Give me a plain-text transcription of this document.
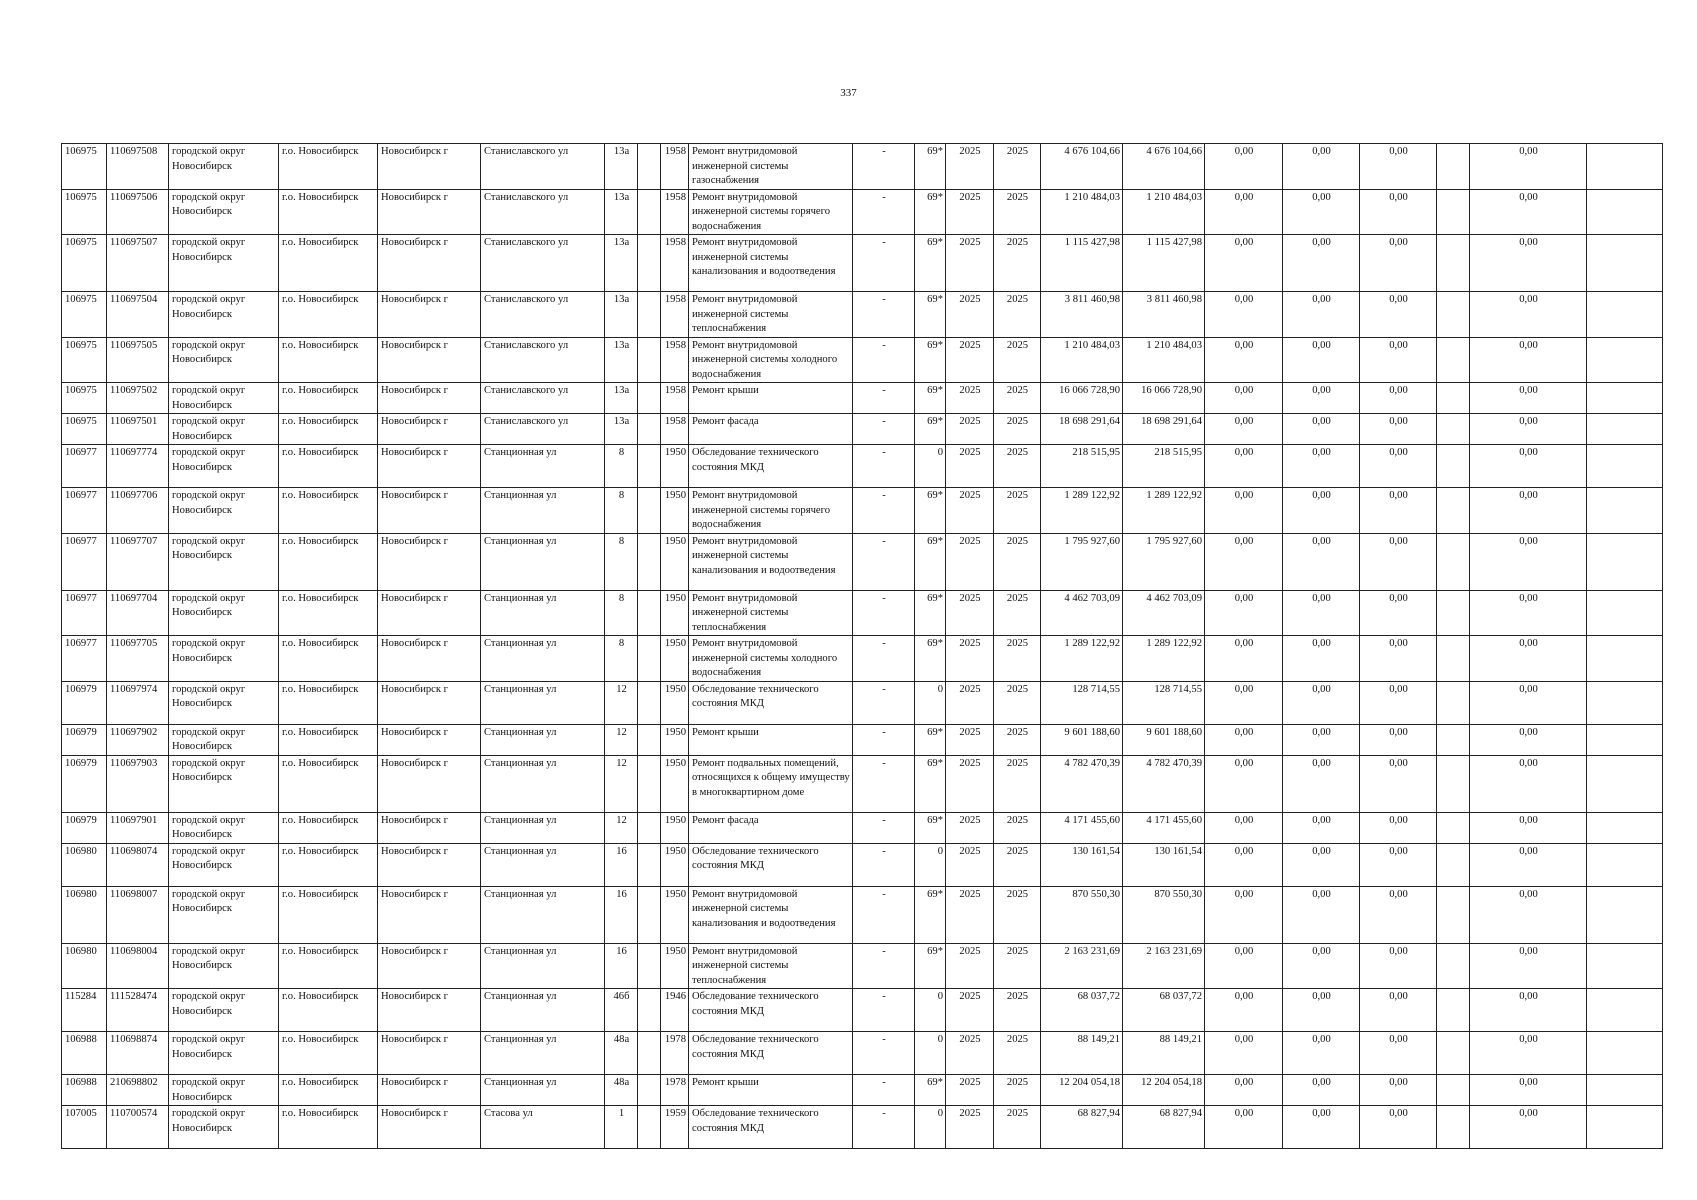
337
106975	110697508	городской округ Новосибирск	г.о. Новосибирск	Новосибирск г	Станиславского ул	13а		1958	Ремонт внутридомовой инженерной системы газоснабжения	-	69*	2025	2025	4 676 104,66	4 676 104,66	0,00	0,00	0,00		0,00	
106975	110697506	городской округ Новосибирск	г.о. Новосибирск	Новосибирск г	Станиславского ул	13а		1958	Ремонт внутридомовой инженерной системы горячего водоснабжения	-	69*	2025	2025	1 210 484,03	1 210 484,03	0,00	0,00	0,00		0,00	
106975	110697507	городской округ Новосибирск	г.о. Новосибирск	Новосибирск г	Станиславского ул	13а		1958	Ремонт внутридомовой инженерной системы канализования и водоотведения	-	69*	2025	2025	1 115 427,98	1 115 427,98	0,00	0,00	0,00		0,00	
106975	110697504	городской округ Новосибирск	г.о. Новосибирск	Новосибирск г	Станиславского ул	13а		1958	Ремонт внутридомовой инженерной системы теплоснабжения	-	69*	2025	2025	3 811 460,98	3 811 460,98	0,00	0,00	0,00		0,00	
106975	110697505	городской округ Новосибирск	г.о. Новосибирск	Новосибирск г	Станиславского ул	13а		1958	Ремонт внутридомовой инженерной системы холодного водоснабжения	-	69*	2025	2025	1 210 484,03	1 210 484,03	0,00	0,00	0,00		0,00	
106975	110697502	городской округ Новосибирск	г.о. Новосибирск	Новосибирск г	Станиславского ул	13а		1958	Ремонт крыши	-	69*	2025	2025	16 066 728,90	16 066 728,90	0,00	0,00	0,00		0,00	
106975	110697501	городской округ Новосибирск	г.о. Новосибирск	Новосибирск г	Станиславского ул	13а		1958	Ремонт фасада	-	69*	2025	2025	18 698 291,64	18 698 291,64	0,00	0,00	0,00		0,00	
106977	110697774	городской округ Новосибирск	г.о. Новосибирск	Новосибирск г	Станционная ул	8		1950	Обследование технического состояния МКД	-	0	2025	2025	218 515,95	218 515,95	0,00	0,00	0,00		0,00	
106977	110697706	городской округ Новосибирск	г.о. Новосибирск	Новосибирск г	Станционная ул	8		1950	Ремонт внутридомовой инженерной системы горячего водоснабжения	-	69*	2025	2025	1 289 122,92	1 289 122,92	0,00	0,00	0,00		0,00	
106977	110697707	городской округ Новосибирск	г.о. Новосибирск	Новосибирск г	Станционная ул	8		1950	Ремонт внутридомовой инженерной системы канализования и водоотведения	-	69*	2025	2025	1 795 927,60	1 795 927,60	0,00	0,00	0,00		0,00	
106977	110697704	городской округ Новосибирск	г.о. Новосибирск	Новосибирск г	Станционная ул	8		1950	Ремонт внутридомовой инженерной системы теплоснабжения	-	69*	2025	2025	4 462 703,09	4 462 703,09	0,00	0,00	0,00		0,00	
106977	110697705	городской округ Новосибирск	г.о. Новосибирск	Новосибирск г	Станционная ул	8		1950	Ремонт внутридомовой инженерной системы холодного водоснабжения	-	69*	2025	2025	1 289 122,92	1 289 122,92	0,00	0,00	0,00		0,00	
106979	110697974	городской округ Новосибирск	г.о. Новосибирск	Новосибирск г	Станционная ул	12		1950	Обследование технического состояния МКД	-	0	2025	2025	128 714,55	128 714,55	0,00	0,00	0,00		0,00	
106979	110697902	городской округ Новосибирск	г.о. Новосибирск	Новосибирск г	Станционная ул	12		1950	Ремонт крыши	-	69*	2025	2025	9 601 188,60	9 601 188,60	0,00	0,00	0,00		0,00	
106979	110697903	городской округ Новосибирск	г.о. Новосибирск	Новосибирск г	Станционная ул	12		1950	Ремонт подвальных помещений, относящихся к общему имуществу в многоквартирном доме	-	69*	2025	2025	4 782 470,39	4 782 470,39	0,00	0,00	0,00		0,00	
106979	110697901	городской округ Новосибирск	г.о. Новосибирск	Новосибирск г	Станционная ул	12		1950	Ремонт фасада	-	69*	2025	2025	4 171 455,60	4 171 455,60	0,00	0,00	0,00		0,00	
106980	110698074	городской округ Новосибирск	г.о. Новосибирск	Новосибирск г	Станционная ул	16		1950	Обследование технического состояния МКД	-	0	2025	2025	130 161,54	130 161,54	0,00	0,00	0,00		0,00	
106980	110698007	городской округ Новосибирск	г.о. Новосибирск	Новосибирск г	Станционная ул	16		1950	Ремонт внутридомовой инженерной системы канализования и водоотведения	-	69*	2025	2025	870 550,30	870 550,30	0,00	0,00	0,00		0,00	
106980	110698004	городской округ Новосибирск	г.о. Новосибирск	Новосибирск г	Станционная ул	16		1950	Ремонт внутридомовой инженерной системы теплоснабжения	-	69*	2025	2025	2 163 231,69	2 163 231,69	0,00	0,00	0,00		0,00	
115284	111528474	городской округ Новосибирск	г.о. Новосибирск	Новосибирск г	Станционная ул	46б		1946	Обследование технического состояния МКД	-	0	2025	2025	68 037,72	68 037,72	0,00	0,00	0,00		0,00	
106988	110698874	городской округ Новосибирск	г.о. Новосибирск	Новосибирск г	Станционная ул	48а		1978	Обследование технического состояния МКД	-	0	2025	2025	88 149,21	88 149,21	0,00	0,00	0,00		0,00	
106988	210698802	городской округ Новосибирск	г.о. Новосибирск	Новосибирск г	Станционная ул	48а		1978	Ремонт крыши	-	69*	2025	2025	12 204 054,18	12 204 054,18	0,00	0,00	0,00		0,00	
107005	110700574	городской округ Новосибирск	г.о. Новосибирск	Новосибирск г	Стасова ул	1		1959	Обследование технического состояния МКД	-	0	2025	2025	68 827,94	68 827,94	0,00	0,00	0,00		0,00	
